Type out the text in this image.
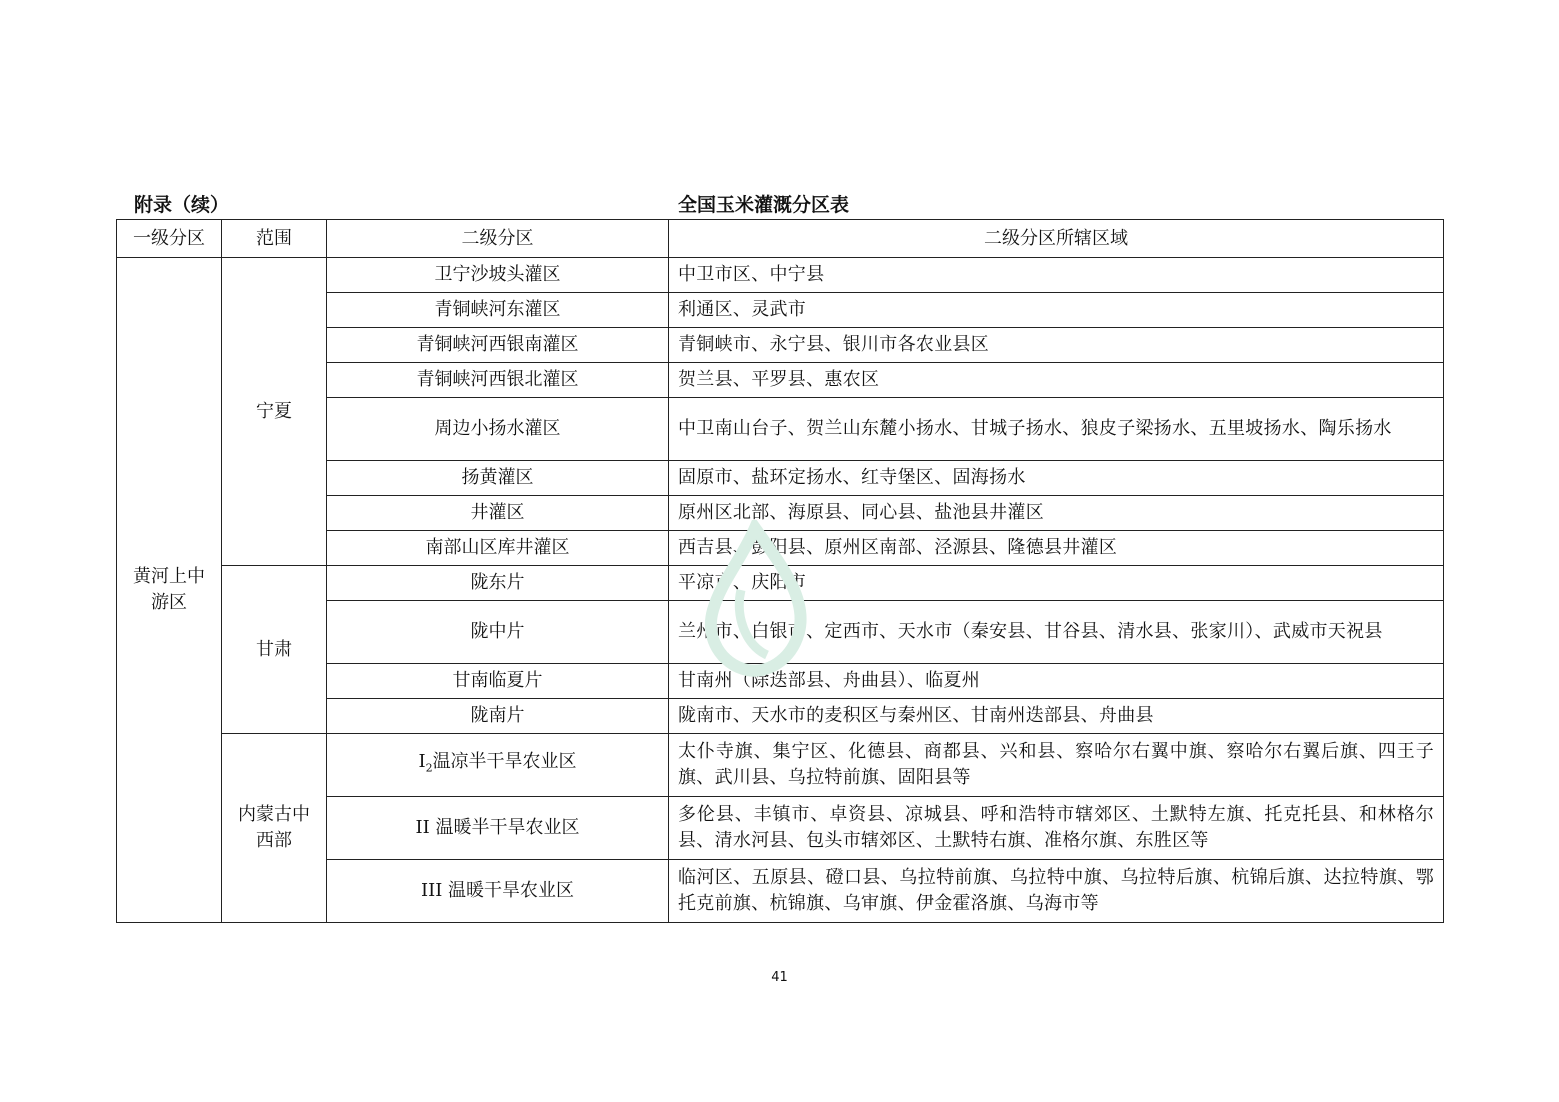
附录（续）	全国玉米灌溉分区表
一级分区	范围	二级分区	二级分区所辖区域
黄河上中游区	宁夏	卫宁沙坡头灌区	中卫市区、中宁县
		青铜峡河东灌区	利通区、灵武市
		青铜峡河西银南灌区	青铜峡市、永宁县、银川市各农业县区
		青铜峡河西银北灌区	贺兰县、平罗县、惠农区
		周边小扬水灌区	中卫南山台子、贺兰山东麓小扬水、甘城子扬水、狼皮子梁扬水、五里坡扬水、陶乐扬水
		扬黄灌区	固原市、盐环定扬水、红寺堡区、固海扬水
		井灌区	原州区北部、海原县、同心县、盐池县井灌区
		南部山区库井灌区	西吉县、彭阳县、原州区南部、泾源县、隆德县井灌区
	甘肃	陇东片	平凉市、庆阳市
		陇中片	兰州市、白银市、定西市、天水市（秦安县、甘谷县、清水县、张家川）、武威市天祝县
		甘南临夏片	甘南州（除迭部县、舟曲县）、临夏州
		陇南片	陇南市、天水市的麦积区与秦州区、甘南州迭部县、舟曲县
	内蒙古中西部	$I_2$温凉半干旱农业区	太仆寺旗、集宁区、化德县、商都县、兴和县、察哈尔右翼中旗、察哈尔右翼后旗、四王子旗、武川县、乌拉特前旗、固阳县等
		II 温暖半干旱农业区	多伦县、丰镇市、卓资县、凉城县、呼和浩特市辖郊区、土默特左旗、托克托县、和林格尔县、清水河县、包头市辖郊区、土默特右旗、准格尔旗、东胜区等
		III 温暖干旱农业区	临河区、五原县、磴口县、乌拉特前旗、乌拉特中旗、乌拉特后旗、杭锦后旗、达拉特旗、鄂托克前旗、杭锦旗、乌审旗、伊金霍洛旗、乌海市等
41
